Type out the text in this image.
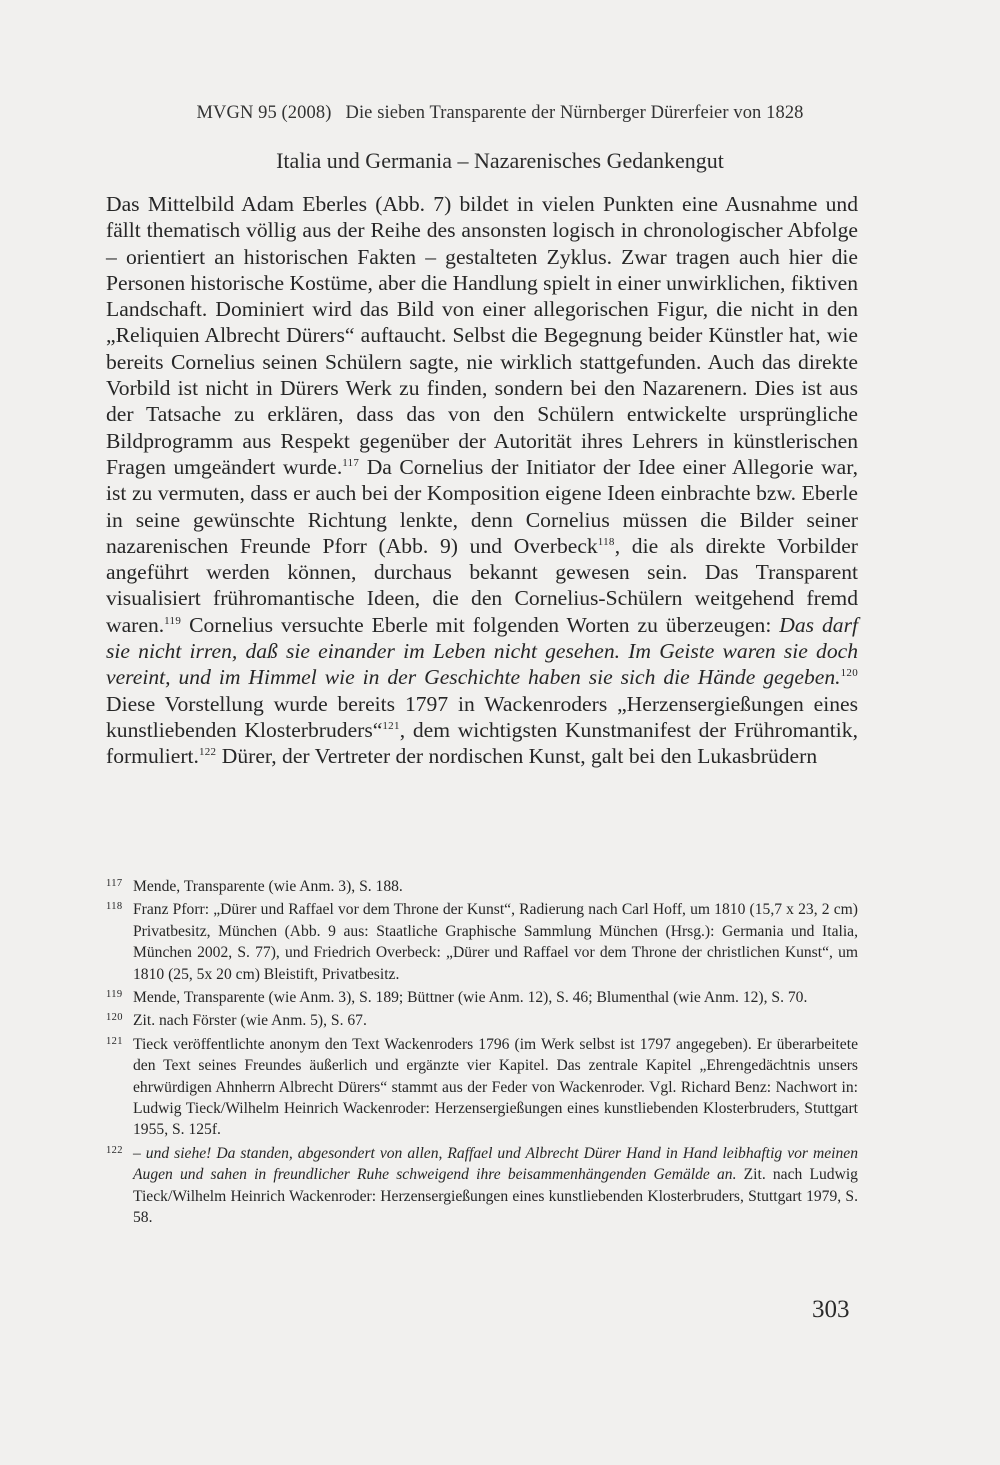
MVGN 95 (2008) Die sieben Transparente der Nürnberger Dürerfeier von 1828
Italia und Germania – Nazarenisches Gedankengut

Das Mittelbild Adam Eberles (Abb. 7) bildet in vielen Punkten eine Ausnahme und fällt thematisch völlig aus der Reihe des ansonsten logisch in chronologischer Abfolge – orientiert an historischen Fakten – gestalteten Zyklus. Zwar tragen auch hier die Personen historische Kostüme, aber die Handlung spielt in einer unwirklichen, fiktiven Landschaft. Dominiert wird das Bild von einer allegorischen Figur, die nicht in den „Reliquien Albrecht Dürers“ auftaucht. Selbst die Begegnung beider Künstler hat, wie bereits Cornelius seinen Schülern sagte, nie wirklich stattgefunden. Auch das direkte Vorbild ist nicht in Dürers Werk zu finden, sondern bei den Nazarenern. Dies ist aus der Tatsache zu erklären, dass das von den Schülern entwickelte ursprüngliche Bildprogramm aus Respekt gegenüber der Autorität ihres Lehrers in künstlerischen Fragen umgeändert wurde.$^{117}$ Da Cornelius der Initiator der Idee einer Allegorie war, ist zu vermuten, dass er auch bei der Komposition eigene Ideen einbrachte bzw. Eberle in seine gewünschte Richtung lenkte, denn Cornelius müssen die Bilder seiner nazarenischen Freunde Pforr (Abb. 9) und Overbeck$^{118}$, die als direkte Vorbilder angeführt werden können, durchaus bekannt gewesen sein. Das Transparent visualisiert frühromantische Ideen, die den Cornelius-Schülern weitgehend fremd waren.$^{119}$ Cornelius versuchte Eberle mit folgenden Worten zu überzeugen: Das darf sie nicht irren, daß sie einander im Leben nicht gesehen. Im Geiste waren sie doch vereint, und im Himmel wie in der Geschichte haben sie sich die Hände gegeben.$^{120}$ Diese Vorstellung wurde bereits 1797 in Wackenroders „Herzensergießungen eines kunstliebenden Klosterbruders“$^{121}$, dem wichtigsten Kunstmanifest der Frühromantik, formuliert.$^{122}$ Dürer, der Vertreter der nordischen Kunst, galt bei den Lukasbrüdern

117 Mende, Transparente (wie Anm. 3), S. 188.
118 Franz Pforr: „Dürer und Raffael vor dem Throne der Kunst“, Radierung nach Carl Hoff, um 1810 (15,7 x 23, 2 cm) Privatbesitz, München (Abb. 9 aus: Staatliche Graphische Sammlung München (Hrsg.): Germania und Italia, München 2002, S. 77), und Friedrich Overbeck: „Dürer und Raffael vor dem Throne der christlichen Kunst“, um 1810 (25, 5x 20 cm) Bleistift, Privatbesitz.
119 Mende, Transparente (wie Anm. 3), S. 189; Büttner (wie Anm. 12), S. 46; Blumenthal (wie Anm. 12), S. 70.
120 Zit. nach Förster (wie Anm. 5), S. 67.
121 Tieck veröffentlichte anonym den Text Wackenroders 1796 (im Werk selbst ist 1797 angegeben). Er überarbeitete den Text seines Freundes äußerlich und ergänzte vier Kapitel. Das zentrale Kapitel „Ehrengedächtnis unsers ehrwürdigen Ahnherrn Albrecht Dürers“ stammt aus der Feder von Wackenroder. Vgl. Richard Benz: Nachwort in: Ludwig Tieck/Wilhelm Heinrich Wackenroder: Herzensergießungen eines kunstliebenden Klosterbruders, Stuttgart 1955, S. 125f.
122 – und siehe! Da standen, abgesondert von allen, Raffael und Albrecht Dürer Hand in Hand leibhaftig vor meinen Augen und sahen in freundlicher Ruhe schweigend ihre beisammenhängenden Gemälde an. Zit. nach Ludwig Tieck/Wilhelm Heinrich Wackenroder: Herzensergießungen eines kunstliebenden Klosterbruders, Stuttgart 1979, S. 58.
303
